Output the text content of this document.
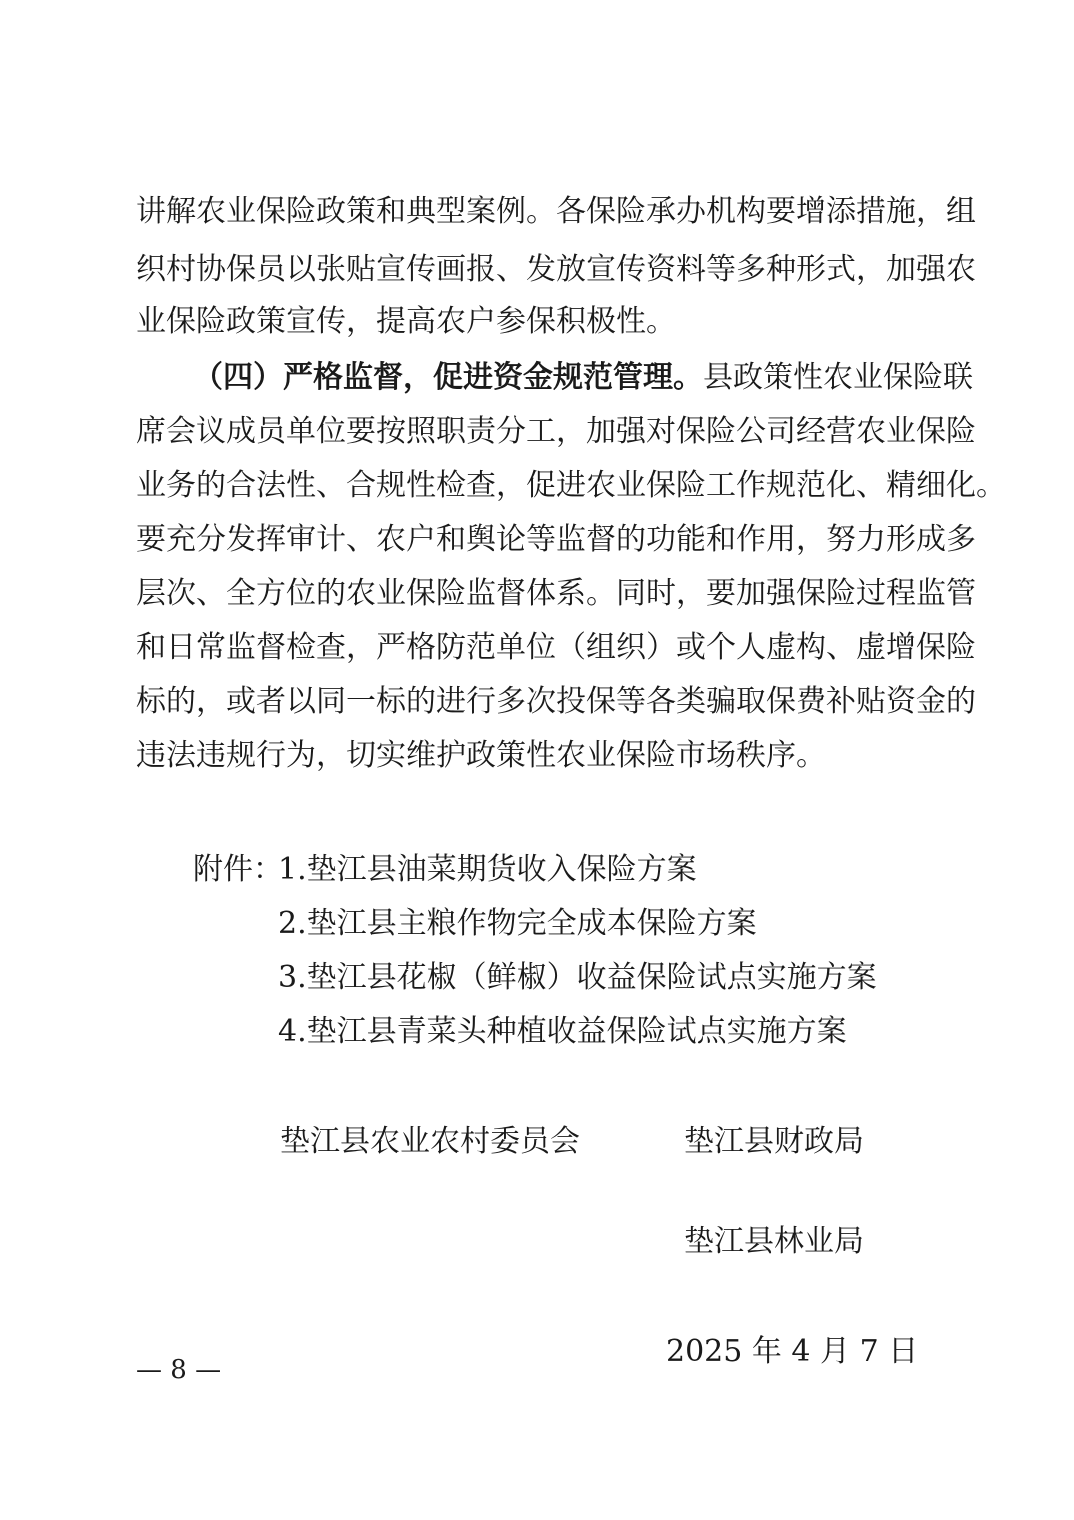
讲解农业保险政策和典型案例。各保险承办机构要增添措施，组
织村协保员以张贴宣传画报、发放宣传资料等多种形式，加强农
业保险政策宣传，提高农户参保积极性。
（四）严格监督，促进资金规范管理。县政策性农业保险联
席会议成员单位要按照职责分工，加强对保险公司经营农业保险
业务的合法性、合规性检查，促进农业保险工作规范化、精细化。
要充分发挥审计、农户和舆论等监督的功能和作用，努力形成多
层次、全方位的农业保险监督体系。同时，要加强保险过程监管
和日常监督检查，严格防范单位（组织）或个人虚构、虚增保险
标的，或者以同一标的进行多次投保等各类骗取保费补贴资金的
违法违规行为，切实维护政策性农业保险市场秩序。
附件：
1.垫江县油菜期货收入保险方案
2.垫江县主粮作物完全成本保险方案
3.垫江县花椒（鲜椒）收益保险试点实施方案
4.垫江县青菜头种植收益保险试点实施方案
垫江县农业农村委员会	垫江县财政局
垫江县林业局
2025 年 4 月 7 日
— 8 —
